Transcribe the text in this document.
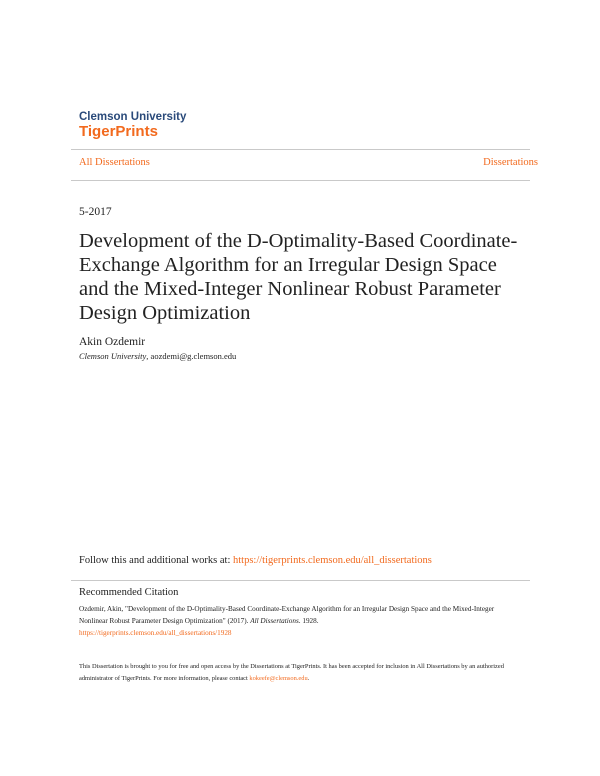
Clemson University
TigerPrints
All Dissertations	Dissertations
5-2017
Development of the D-Optimality-Based Coordinate-Exchange Algorithm for an Irregular Design Space and the Mixed-Integer Nonlinear Robust Parameter Design Optimization
Akin Ozdemir
Clemson University, aozdemi@g.clemson.edu
Follow this and additional works at: https://tigerprints.clemson.edu/all_dissertations
Recommended Citation
Ozdemir, Akin, "Development of the D-Optimality-Based Coordinate-Exchange Algorithm for an Irregular Design Space and the Mixed-Integer Nonlinear Robust Parameter Design Optimization" (2017). All Dissertations. 1928.
https://tigerprints.clemson.edu/all_dissertations/1928
This Dissertation is brought to you for free and open access by the Dissertations at TigerPrints. It has been accepted for inclusion in All Dissertations by an authorized administrator of TigerPrints. For more information, please contact kokeefe@clemson.edu.
